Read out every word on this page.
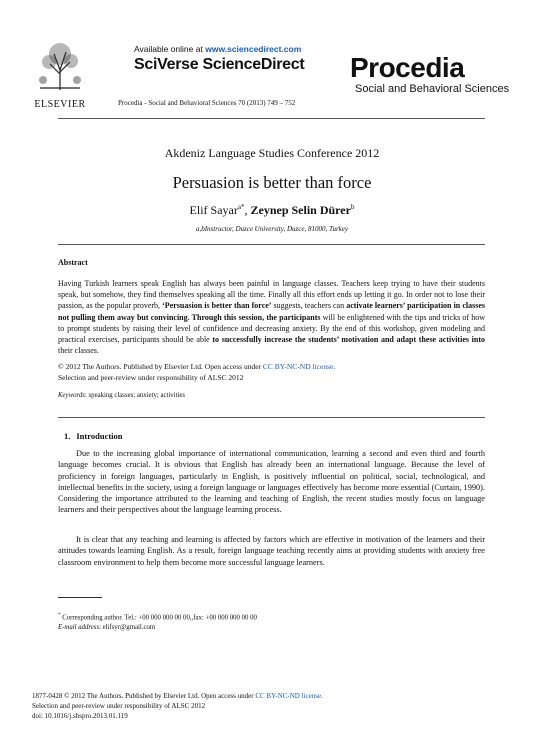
ELSEVIER
Available online at www.sciencedirect.com
SciVerse ScienceDirect
Procedia - Social and Behavioral Sciences 70 (2013) 749 – 752
Procedia
Social and Behavioral Sciences
Akdeniz Language Studies Conference 2012
Persuasion is better than force
Elif Sayar$^{a*}$, Zeynep Selin Dürer$^b$
a,bInstructor, Duzce University, Duzce, 81000, Turkey
Abstract
Having Turkish learners speak English has always been painful in language classes. Teachers keep trying to have their students speak, but somehow, they find themselves speaking all the time. Finally all this effort ends up letting it go. In order not to lose their passion, as the popular proverb, ‘Persuasion is better than force’ suggests, teachers can activate learners’ participation in classes not pulling them away but convincing. Through this session, the participants will be enlightened with the tips and tricks of how to prompt students by raising their level of confidence and decreasing anxiety. By the end of this workshop, given modeling and practical exercises, participants should be able to successfully increase the students’ motivation and adapt these activities into their classes.
© 2012 The Authors. Published by Elsevier Ltd. Open access under CC BY-NC-ND license.
Selection and peer-review under responsibility of ALSC 2012
Keywords: speaking classes; anxiety; activities
1. Introduction
Due to the increasing global importance of international communication, learning a second and even third and fourth language becomes crucial. It is obvious that English has already been an international language. Because the level of proficiency in foreign languages, particularly in English, is positively influential on political, social, technological, and intellectual benefits in the society, using a foreign language or languages effectively has become more essential (Curtain, 1990). Considering the importance attributed to the learning and teaching of English, the recent studies mostly focus on language learners and their perspectives about the language learning process.
It is clear that any teaching and learning is affected by factors which are effective in motivation of the learners and their attitudes towards learning English. As a result, foreign language teaching recently aims at providing students with anxiety free classroom environment to help them become more successful language learners.
* Corresponding author. Tel.: +00 000 000 00 00,,fax: +00 000 000 00 00
E-mail address: elifsyr@gmail.com
1877-0428 © 2012 The Authors. Published by Elsevier Ltd. Open access under CC BY-NC-ND license.
Selection and peer-review under responsibility of ALSC 2012
doi: 10.1016/j.sbspro.2013.01.119
